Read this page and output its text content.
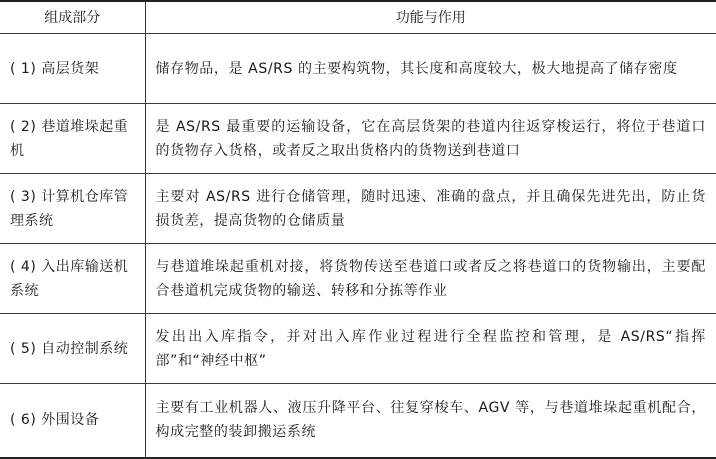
组成部分	功能与作用
( 1) 高层货架	储存物品，是 AS/RS 的主要构筑物，其长度和高度较大，极大地提高了储存密度
( 2) 巷道堆垛起重机	是 AS/RS 最重要的运输设备，它在高层货架的巷道内往返穿梭运行，将位于巷道口的货物存入货格，或者反之取出货格内的货物送到巷道口
( 3) 计算机仓库管理系统	主要对 AS/RS 进行仓储管理，随时迅速、准确的盘点，并且确保先进先出，防止货损货差，提高货物的仓储质量
( 4) 入出库输送机系统	与巷道堆垛起重机对接，将货物传送至巷道口或者反之将巷道口的货物输出，主要配合巷道机完成货物的输送、转移和分拣等作业
( 5) 自动控制系统	发出出入库指令，并对出入库作业过程进行全程监控和管理，是 AS/RS“指挥部”和“神经中枢”
( 6) 外围设备	主要有工业机器人、液压升降平台、往复穿梭车、AGV 等，与巷道堆垛起重机配合，构成完整的装卸搬运系统
